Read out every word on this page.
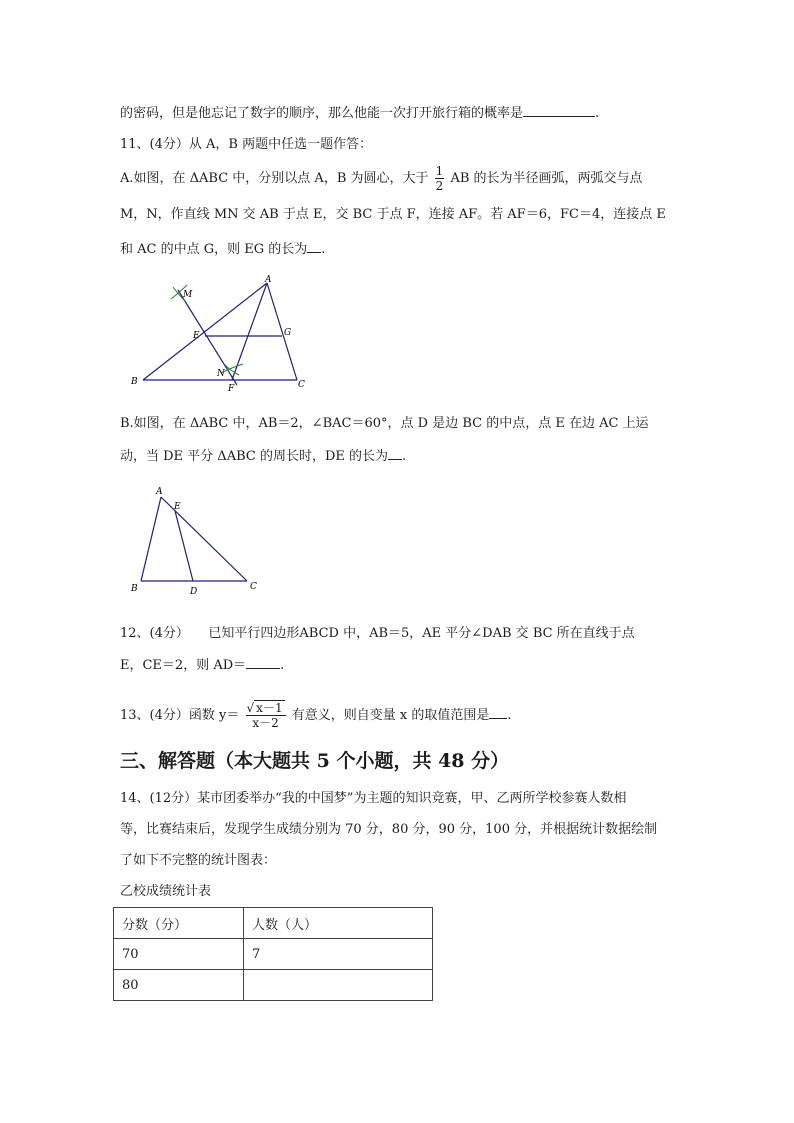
的密码，但是他忘记了数字的顺序，那么他能一次打开旅行箱的概率是	.
11、(4分）从 A，B 两题中任选一题作答：
A.如图，在 ΔABC 中，分别以点 A，B 为圆心，大于 $\frac{1}{2}$ AB 的长为半径画弧，两弧交与点
M，N，作直线 MN 交 AB 于点 E，交 BC 于点 F，连接 AF。若 AF＝6，FC＝4，连接点 E
和 AC 的中点 G，则 EG 的长为 .
A
M
E	G
N
B
F	C
B.如图，在 ΔABC 中，AB＝2，∠BAC＝60°，点 D 是边 BC 的中点，点 E 在边 AC 上运
动，当 DE 平分 ΔABC 的周长时，DE 的长为 .
A
E
B	D	C
12、(4分）　　已知平行四边形ABCD 中，AB＝5，AE 平分∠DAB 交 BC 所在直线于点
E，CE＝2，则 AD＝	.
13、(4分）函数 $y= \frac{√ x-1}{x-2}$ 有意义，则自变量 x 的取值范围是 .
三、解答题（本大题共 5 个小题，共 48 分）
14、(12分）某市团委举办“我的中国梦”为主题的知识竞赛，甲、乙两所学校参赛人数相
等，比赛结束后，发现学生成绩分别为 70 分，80 分，90 分，100 分，并根据统计数据绘制
了如下不完整的统计图表：
乙校成绩统计表
分数（分）	人数（人）
70	7
80	
